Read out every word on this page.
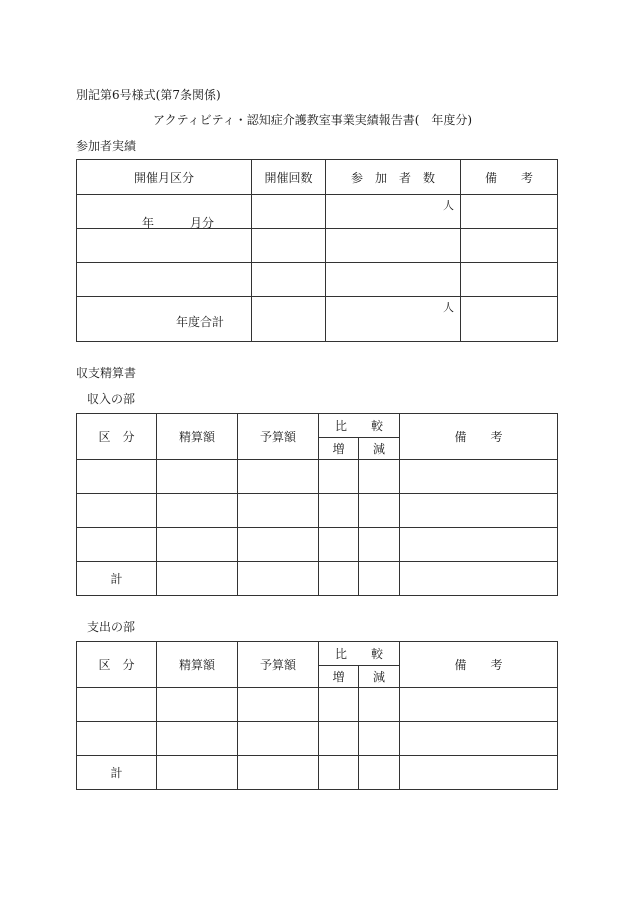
別記第6号様式(第7条関係)
アクティビティ・認知症介護教室事業実績報告書(　年度分)
参加者実績
開催月区分	開催回数	参　加　者　数	備　　考

年　　　月分		人	

年度合計		人	

収支精算書
収入の部
区　分	精算額	予算額	比　　較		備　　考
			増	減	

計					
支出の部
区　分	精算額	予算額	比　　較		備　　考
			増	減	

計					
